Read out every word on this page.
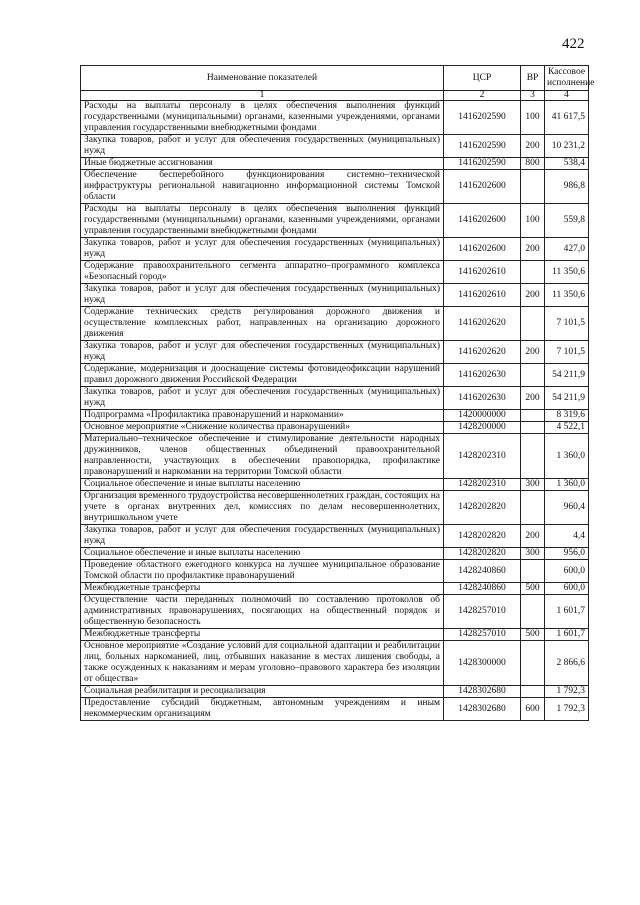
422
Наименование показателей	ЦСР	ВР	Кассовое исполнение
1	2	3	4
Расходы на выплаты персоналу в целях обеспечения выполнения функций государственными (муниципальными) органами, казенными учреждениями, органами управления государственными внебюджетными фондами	1416202590	100	41 617,5
Закупка товаров, работ и услуг для обеспечения государственных (муниципальных) нужд	1416202590	200	10 231,2
Иные бюджетные ассигнования	1416202590	800	538,4
Обеспечение бесперебойного функционирования системно–технической инфраструктуры региональной навигационно информационной системы Томской области	1416202600		986,8
Расходы на выплаты персоналу в целях обеспечения выполнения функций государственными (муниципальными) органами, казенными учреждениями, органами управления государственными внебюджетными фондами	1416202600	100	559,8
Закупка товаров, работ и услуг для обеспечения государственных (муниципальных) нужд	1416202600	200	427,0
Содержание правоохранительного сегмента аппаратно–программного комплекса «Безопасный город»	1416202610		11 350,6
Закупка товаров, работ и услуг для обеспечения государственных (муниципальных) нужд	1416202610	200	11 350,6
Содержание технических средств регулирования дорожного движения и осуществление комплексных работ, направленных на организацию дорожного движения	1416202620		7 101,5
Закупка товаров, работ и услуг для обеспечения государственных (муниципальных) нужд	1416202620	200	7 101,5
Содержание, модернизация и дооснащение системы фотовидеофиксации нарушений правил дорожного движения Российской Федерации	1416202630		54 211,9
Закупка товаров, работ и услуг для обеспечения государственных (муниципальных) нужд	1416202630	200	54 211,9
Подпрограмма «Профилактика правонарушений и наркомании»	1420000000		8 319,6
Основное мероприятие «Снижение количества правонарушений»	1428200000		4 522,1
Материально–техническое обеспечение и стимулирование деятельности народных дружинников, членов общественных объединений правоохранительной направленности, участвующих в обеспечении правопорядка, профилактике правонарушений и наркомании на территории Томской области	1428202310		1 360,0
Социальное обеспечение и иные выплаты населению	1428202310	300	1 360,0
Организация временного трудоустройства несовершеннолетних граждан, состоящих на учете в органах внутренних дел, комиссиях по делам несовершеннолетних, внутришкольном учете	1428202820		960,4
Закупка товаров, работ и услуг для обеспечения государственных (муниципальных) нужд	1428202820	200	4,4
Социальное обеспечение и иные выплаты населению	1428202820	300	956,0
Проведение областного ежегодного конкурса на лучшее муниципальное образование Томской области по профилактике правонарушений	1428240860		600,0
Межбюджетные трансферты	1428240860	500	600,0
Осуществление части переданных полномочий по составлению протоколов об административных правонарушениях, посягающих на общественный порядок и общественную безопасность	1428257010		1 601,7
Межбюджетные трансферты	1428257010	500	1 601,7
Основное мероприятие «Создание условий для социальной адаптации и реабилитации лиц, больных наркоманией, лиц, отбывших наказание в местах лишения свободы, а также осужденных к наказаниям и мерам уголовно–правового характера без изоляции от общества»	1428300000		2 866,6
Социальная реабилитация и ресоциализация	1428302680		1 792,3
Предоставление субсидий бюджетным, автономным учреждениям и иным некоммерческим организациям	1428302680	600	1 792,3
